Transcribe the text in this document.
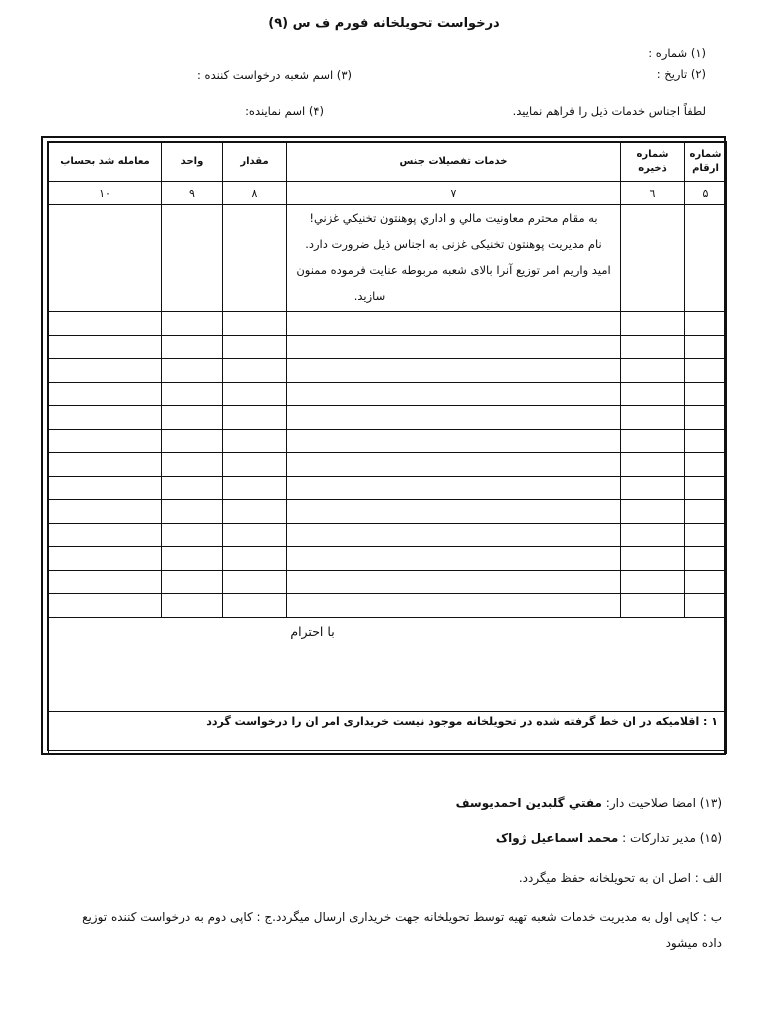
درخواست تحویلخانه فورم ف س (۹)
(۱) شماره :
(۲) تاریخ :
(۳) اسم شعبه درخواست کننده :
لطفاً اجناس خدمات ذیل را فراهم نمایید.
(۴) اسم نماینده:
شماره ارقام	شماره ذخیره	خدمات تفصیلات جنس	مقدار	واحد	معامله شد بحساب
۵	٦	۷	۸	۹	۱۰

		به مقام محترم معاونیت مالي و اداري پوهنتون تخنیکي غزني!
نام مدیریت پوهنتون تخنیکی غزنی به اجناس ذیل ضرورت دارد.
امید واریم امر توزیع آنرا بالای شعبه مربوطه عنایت فرموده ممنون
سازید.			

با احترام					

۱ : اقلامیکه در ان خط گرفته شده در تحویلخانه موجود نیست خریداری امر ان را درخواست گردد					
(۱۳) امضا صلاحیت دار: مفتي گلبدین احمدیوسف
(۱۵) مدیر تدارکات : محمد اسماعیل ژواک
الف : اصل ان به تحویلخانه حفظ میگردد.
ب : کاپی اول به مدیریت خدمات شعبه تهیه توسط تحویلخانه جهت خریداری ارسال میگردد.ج : کاپی دوم به درخواست کننده توزیع داده میشود
